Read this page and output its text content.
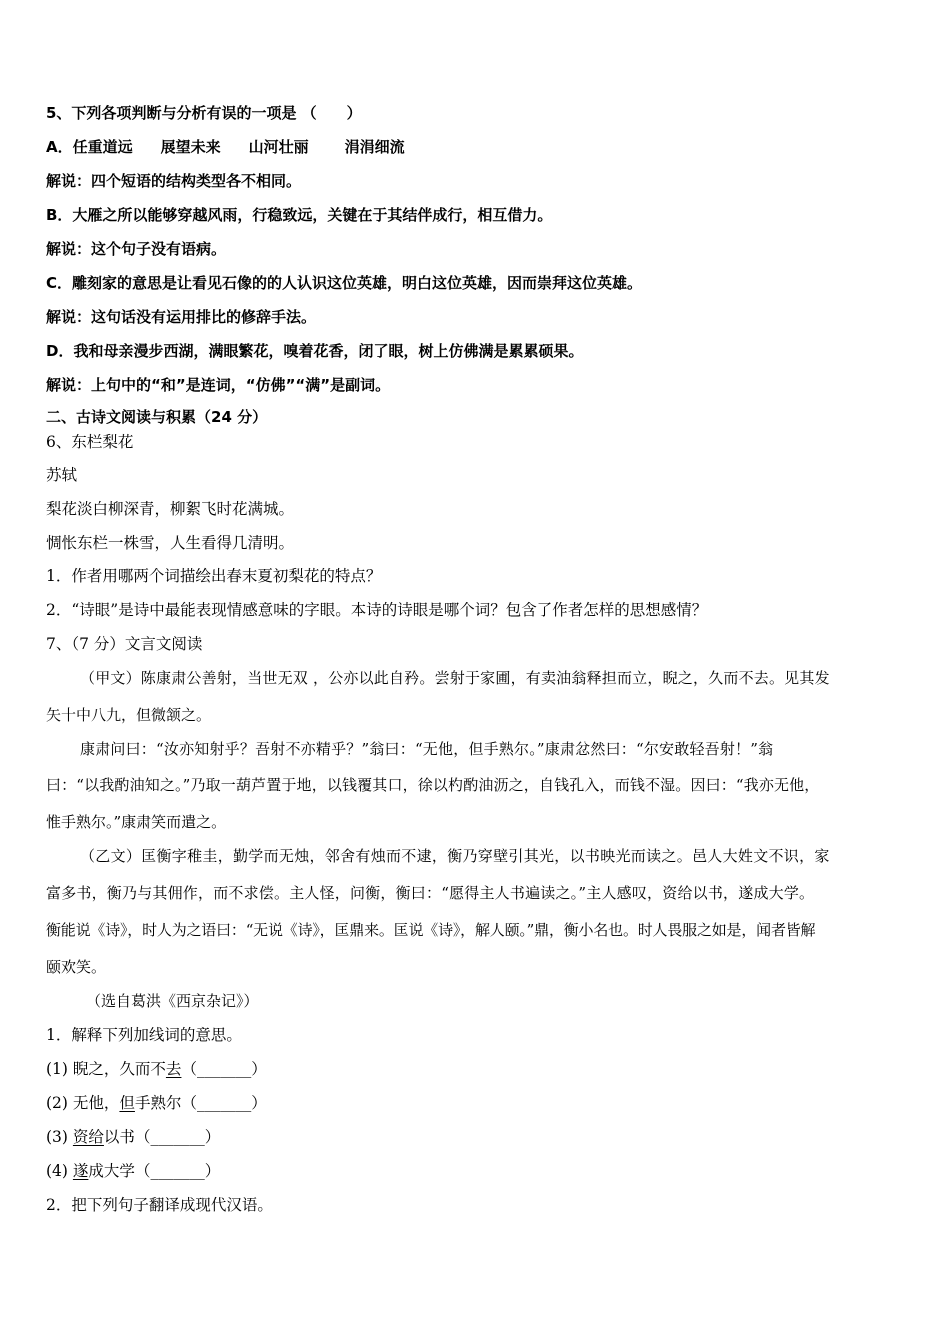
5、下列各项判断与分析有误的一项是 （　　）
A．任重道远 展望未来 山河壮丽 涓涓细流
解说：四个短语的结构类型各不相同。
B．大雁之所以能够穿越风雨，行稳致远，关键在于其结伴成行，相互借力。
解说：这个句子没有语病。
C．雕刻家的意思是让看见石像的的人认识这位英雄，明白这位英雄，因而崇拜这位英雄。
解说：这句话没有运用排比的修辞手法。
D．我和母亲漫步西湖，满眼繁花，嗅着花香，闭了眼，树上仿佛满是累累硕果。
解说：上句中的“和”是连词，“仿佛”“满”是副词。
二、古诗文阅读与积累（24 分）
6、东栏梨花
苏轼
梨花淡白柳深青，柳絮飞时花满城。
惆怅东栏一株雪，人生看得几清明。
1．作者用哪两个词描绘出春末夏初梨花的特点？
2．“诗眼”是诗中最能表现情感意味的字眼。本诗的诗眼是哪个词？包含了作者怎样的思想感情？
7、（7 分）文言文阅读
（甲文）陈康肃公善射，当世无双 ，公亦以此自矜。尝射于家圃，有卖油翁释担而立，睨之，久而不去。见其发
矢十中八九，但微颔之。
康肃问曰：“汝亦知射乎？吾射不亦精乎？”翁曰：“无他，但手熟尔。”康肃忿然曰：“尔安敢轻吾射！”翁
曰：“以我酌油知之。”乃取一葫芦置于地，以钱覆其口，徐以杓酌油沥之，自钱孔入，而钱不湿。因曰：“我亦无他，
惟手熟尔。”康肃笑而遣之。
（乙文）匡衡字稚圭，勤学而无烛，邻舍有烛而不逮，衡乃穿壁引其光，以书映光而读之。邑人大姓文不识，家
富多书，衡乃与其佣作，而不求偿。主人怪，问衡，衡曰：“愿得主人书遍读之。”主人感叹，资给以书，遂成大学。
衡能说《诗》，时人为之语曰：“无说《诗》，匡鼎来。匡说《诗》，解人颐。”鼎，衡小名也。时人畏服之如是，闻者皆解
颐欢笑。
（选自葛洪《西京杂记》）
1．解释下列加线词的意思。
(1) 睨之，久而不去（_______）
(2) 无他，但手熟尔（_______）
(3) 资给以书（_______）
(4) 遂成大学（_______）
2．把下列句子翻译成现代汉语。
